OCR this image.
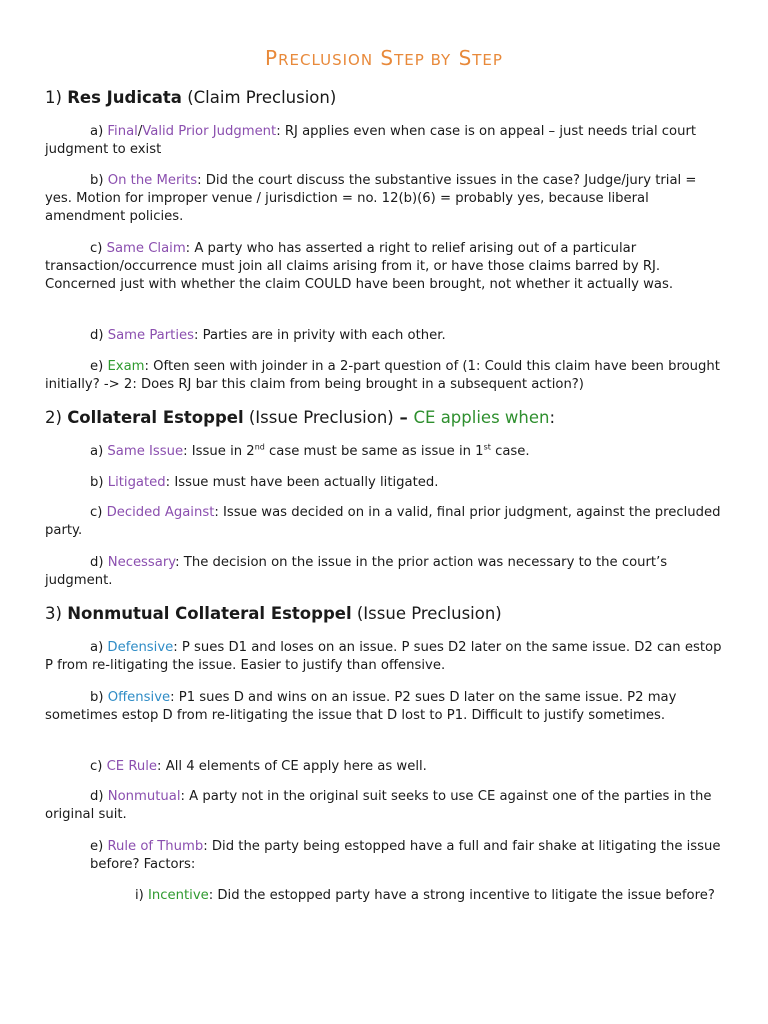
PRECLUSION STEP BY STEP
1) Res Judicata (Claim Preclusion)
a) Final/Valid Prior Judgment: RJ applies even when case is on appeal – just needs trial court judgment to exist
b) On the Merits: Did the court discuss the substantive issues in the case? Judge/jury trial = yes. Motion for improper venue / jurisdiction = no. 12(b)(6) = probably yes, because liberal amendment policies.
c) Same Claim: A party who has asserted a right to relief arising out of a particular transaction/occurrence must join all claims arising from it, or have those claims barred by RJ. Concerned just with whether the claim COULD have been brought, not whether it actually was.
d) Same Parties: Parties are in privity with each other.
e) Exam: Often seen with joinder in a 2-part question of (1: Could this claim have been brought initially? -> 2: Does RJ bar this claim from being brought in a subsequent action?)
2) Collateral Estoppel (Issue Preclusion) – CE applies when:
a) Same Issue: Issue in 2nd case must be same as issue in 1st case.
b) Litigated: Issue must have been actually litigated.
c) Decided Against: Issue was decided on in a valid, final prior judgment, against the precluded party.
d) Necessary: The decision on the issue in the prior action was necessary to the court’s judgment.
3) Nonmutual Collateral Estoppel (Issue Preclusion)
a) Defensive: P sues D1 and loses on an issue. P sues D2 later on the same issue. D2 can estop P from re-litigating the issue. Easier to justify than offensive.
b) Offensive: P1 sues D and wins on an issue. P2 sues D later on the same issue. P2 may sometimes estop D from re-litigating the issue that D lost to P1. Difficult to justify sometimes.
c) CE Rule: All 4 elements of CE apply here as well.
d) Nonmutual: A party not in the original suit seeks to use CE against one of the parties in the original suit.
e) Rule of Thumb: Did the party being estopped have a full and fair shake at litigating the issue before? Factors:
i) Incentive: Did the estopped party have a strong incentive to litigate the issue before?
